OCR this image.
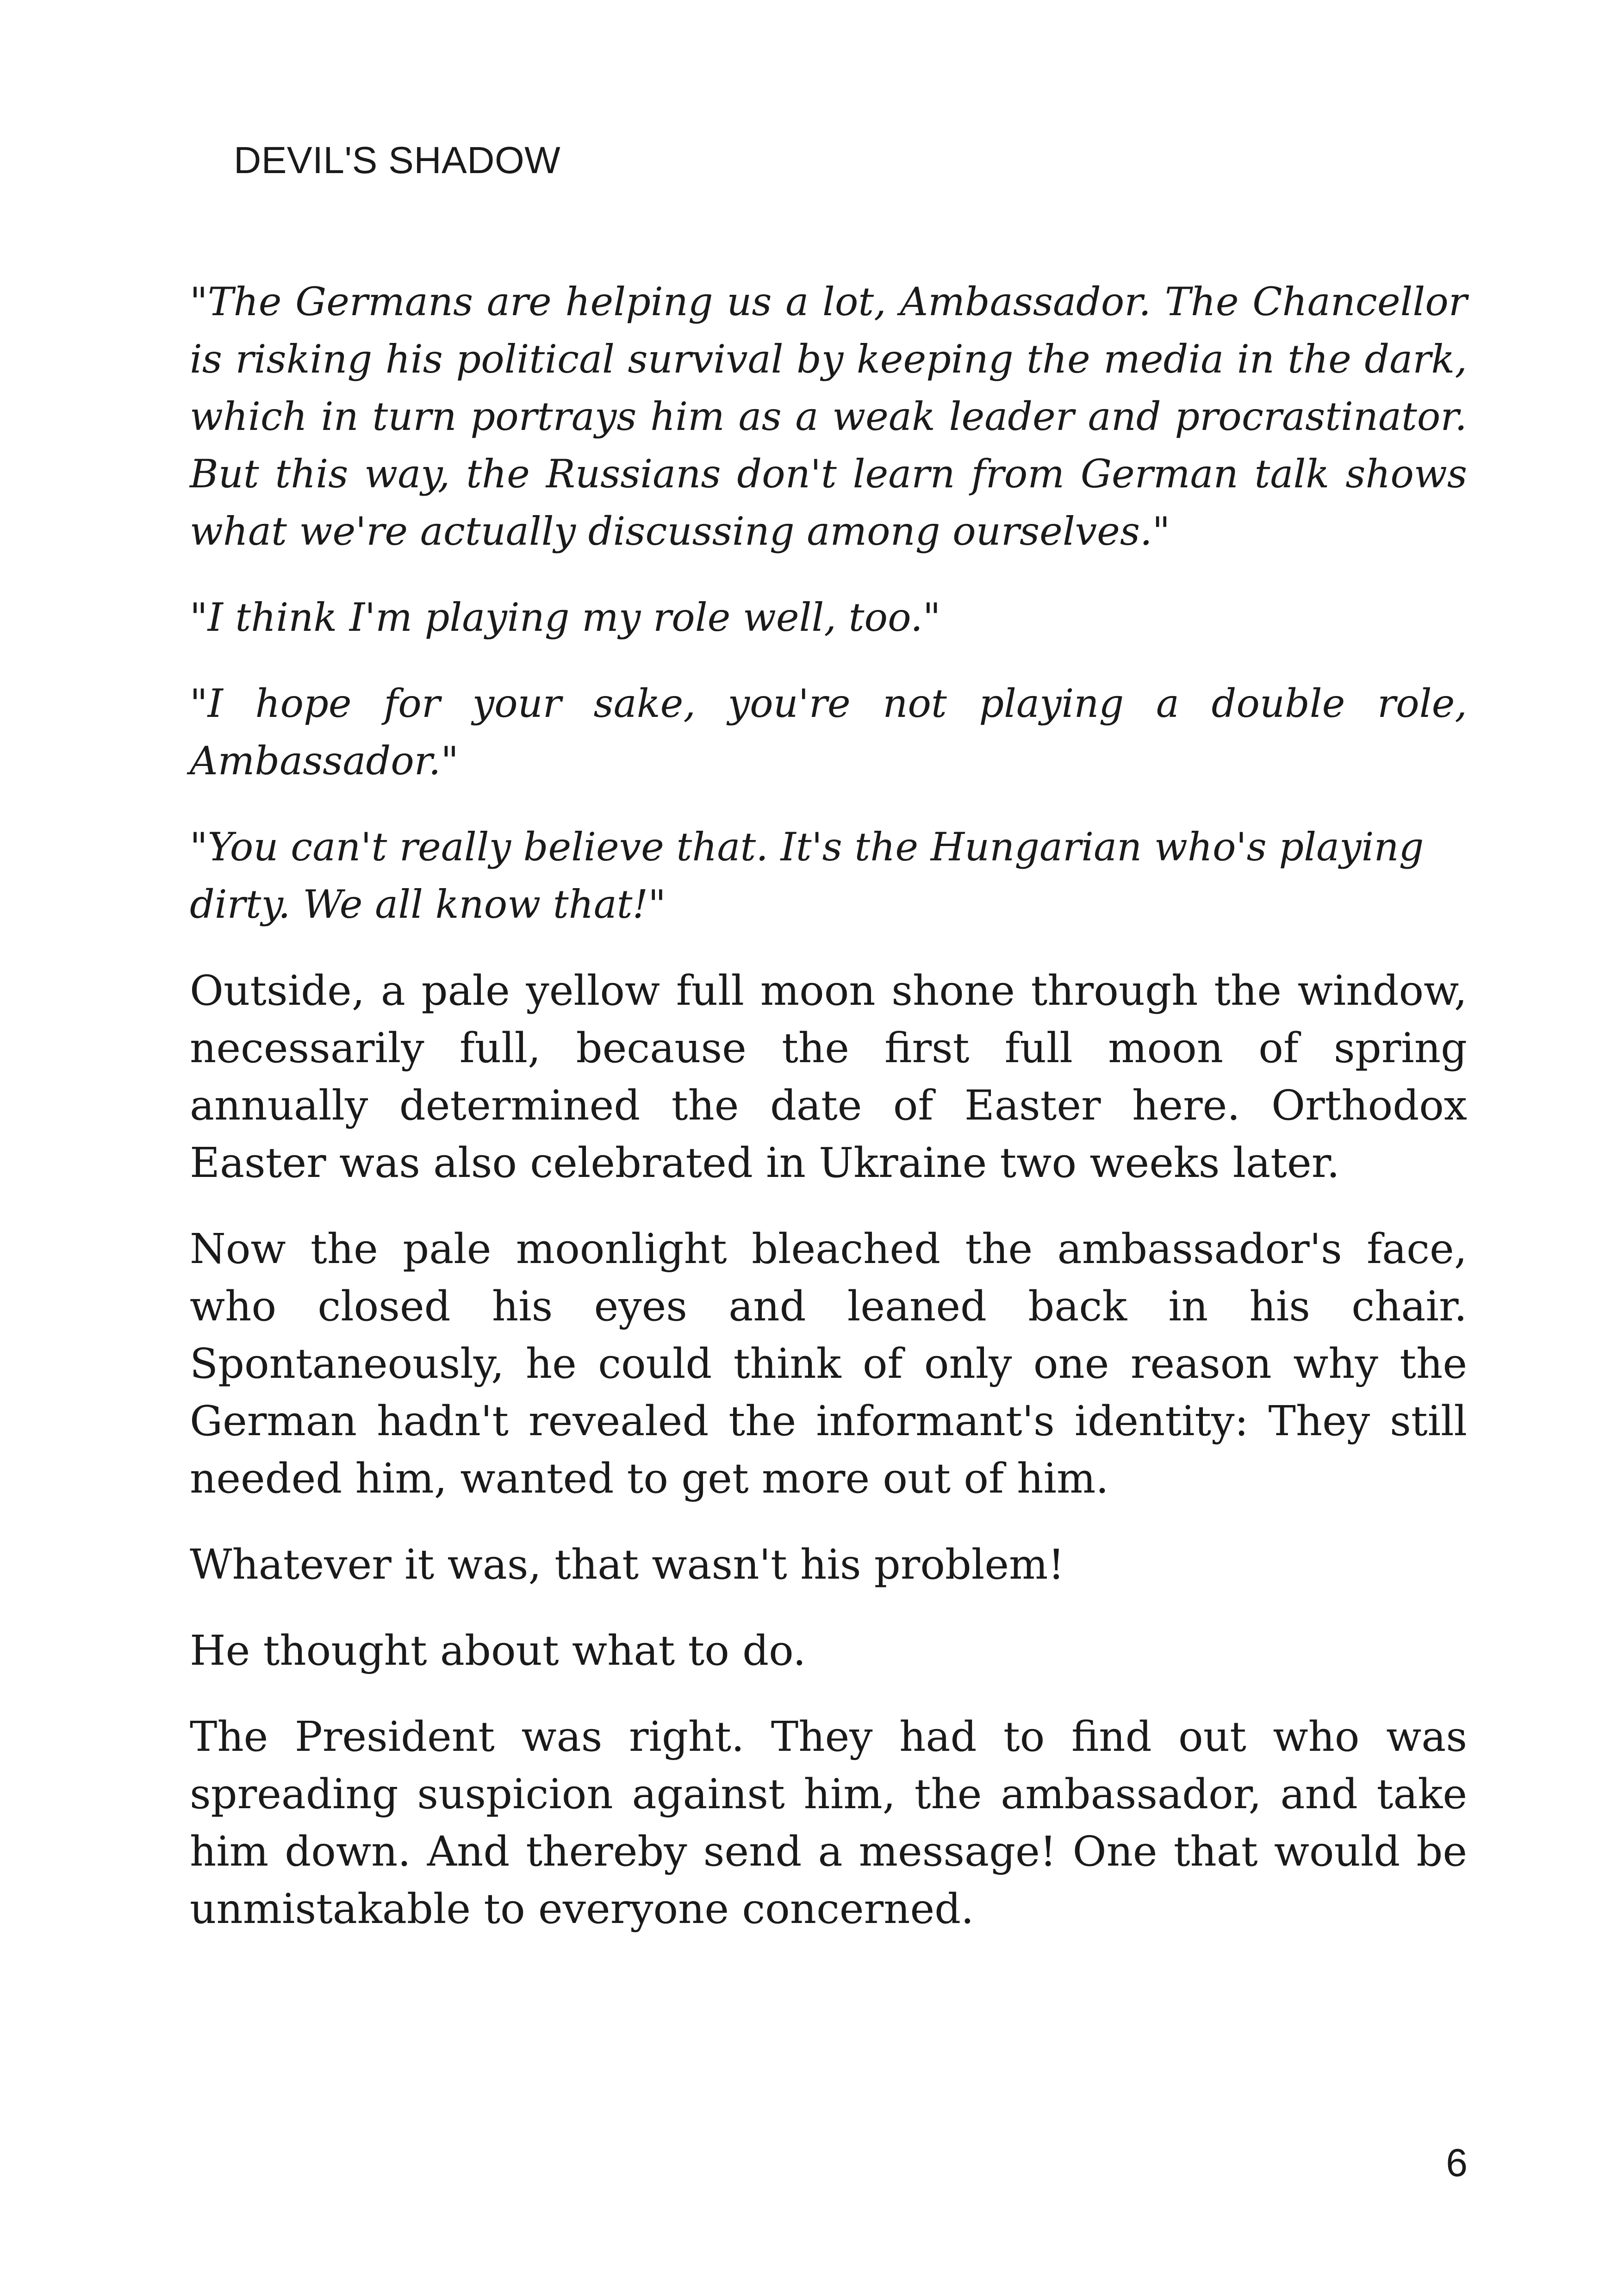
DEVIL'S SHADOW

"The Germans are helping us a lot, Ambassador. The Chancellor is risking his political survival by keeping the media in the dark, which in turn portrays him as a weak leader and procrastinator. But this way, the Russians don't learn from German talk shows what we're actually discussing among ourselves."

"I think I'm playing my role well, too."

"I hope for your sake, you're not playing a double role, Ambassador."

"You can't really believe that. It's the Hungarian who's playing dirty. We all know that!"

Outside, a pale yellow full moon shone through the window, necessarily full, because the first full moon of spring annually determined the date of Easter here. Orthodox Easter was also celebrated in Ukraine two weeks later.

Now the pale moonlight bleached the ambassador's face, who closed his eyes and leaned back in his chair. Spontaneously, he could think of only one reason why the German hadn't revealed the informant's identity: They still needed him, wanted to get more out of him.

Whatever it was, that wasn't his problem!

He thought about what to do.

The President was right. They had to find out who was spreading suspicion against him, the ambassador, and take him down. And thereby send a message! One that would be unmistakable to everyone concerned.

6
